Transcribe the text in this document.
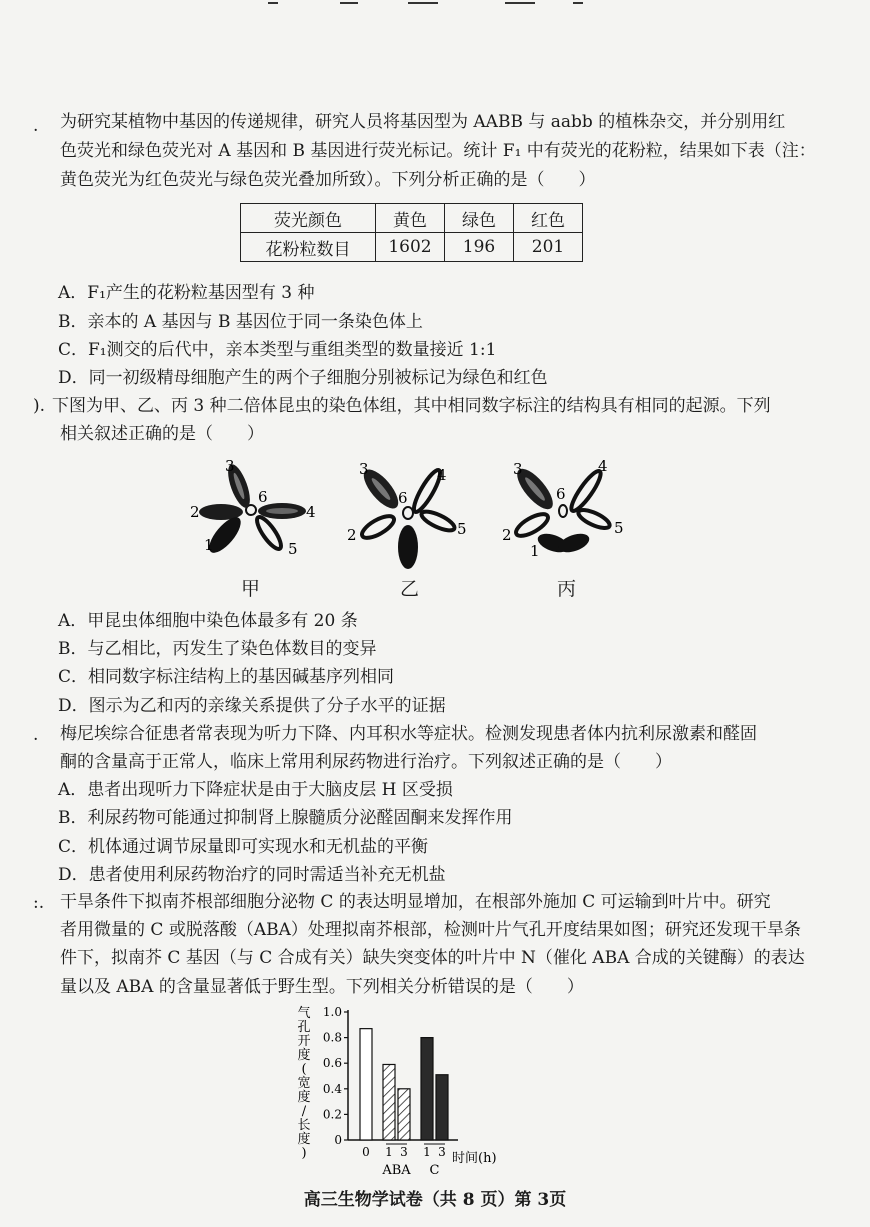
. 为研究某植物中基因的传递规律，研究人员将基因型为 AABB 与 aabb 的植株杂交，并分别用红
色荧光和绿色荧光对 A 基因和 B 基因进行荧光标记。统计 F₁ 中有荧光的花粉粒，结果如下表（注：
黄色荧光为红色荧光与绿色荧光叠加所致）。下列分析正确的是（　　）
荧光颜色	黄色	绿色	红色
花粉粒数目	1602	196	201
A．F₁产生的花粉粒基因型有 3 种
B．亲本的 A 基因与 B 基因位于同一条染色体上
C．F₁测交的后代中，亲本类型与重组类型的数量接近 1:1
D．同一初级精母细胞产生的两个子细胞分别被标记为绿色和红色
). 下图为甲、乙、丙 3 种二倍体昆虫的染色体组，其中相同数字标注的结构具有相同的起源。下列
相关叙述正确的是（　　）
3
6
2	4
1	5
甲
3	4
6
2	5
乙
3	4
6
2	5
1
丙
A．甲昆虫体细胞中染色体最多有 20 条
B．与乙相比，丙发生了染色体数目的变异
C．相同数字标注结构上的基因碱基序列相同
D．图示为乙和丙的亲缘关系提供了分子水平的证据
. 梅尼埃综合征患者常表现为听力下降、内耳积水等症状。检测发现患者体内抗利尿激素和醛固
酮的含量高于正常人，临床上常用利尿药物进行治疗。下列叙述正确的是（　　）
A．患者出现听力下降症状是由于大脑皮层 H 区受损
B．利尿药物可能通过抑制肾上腺髓质分泌醛固酮来发挥作用
C．机体通过调节尿量即可实现水和无机盐的平衡
D．患者使用利尿药物治疗的同时需适当补充无机盐
:. 干旱条件下拟南芥根部细胞分泌物 C 的表达明显增加，在根部外施加 C 可运输到叶片中。研究
者用微量的 C 或脱落酸（ABA）处理拟南芥根部，检测叶片气孔开度结果如图；研究还发现干旱条
件下，拟南芥 C 基因（与 C 合成有关）缺失突变体的叶片中 N（催化 ABA 合成的关键酶）的表达
量以及 ABA 的含量显著低于野生型。下列相关分析错误的是（　　）
气
孔
开
度
(
宽
度
/
长
度
)
0
0.2
0.4
0.6
0.8
1.0
0 1 3 1 3
ABA C
时间(h)
高三生物学试卷（共 8 页）第 3页
